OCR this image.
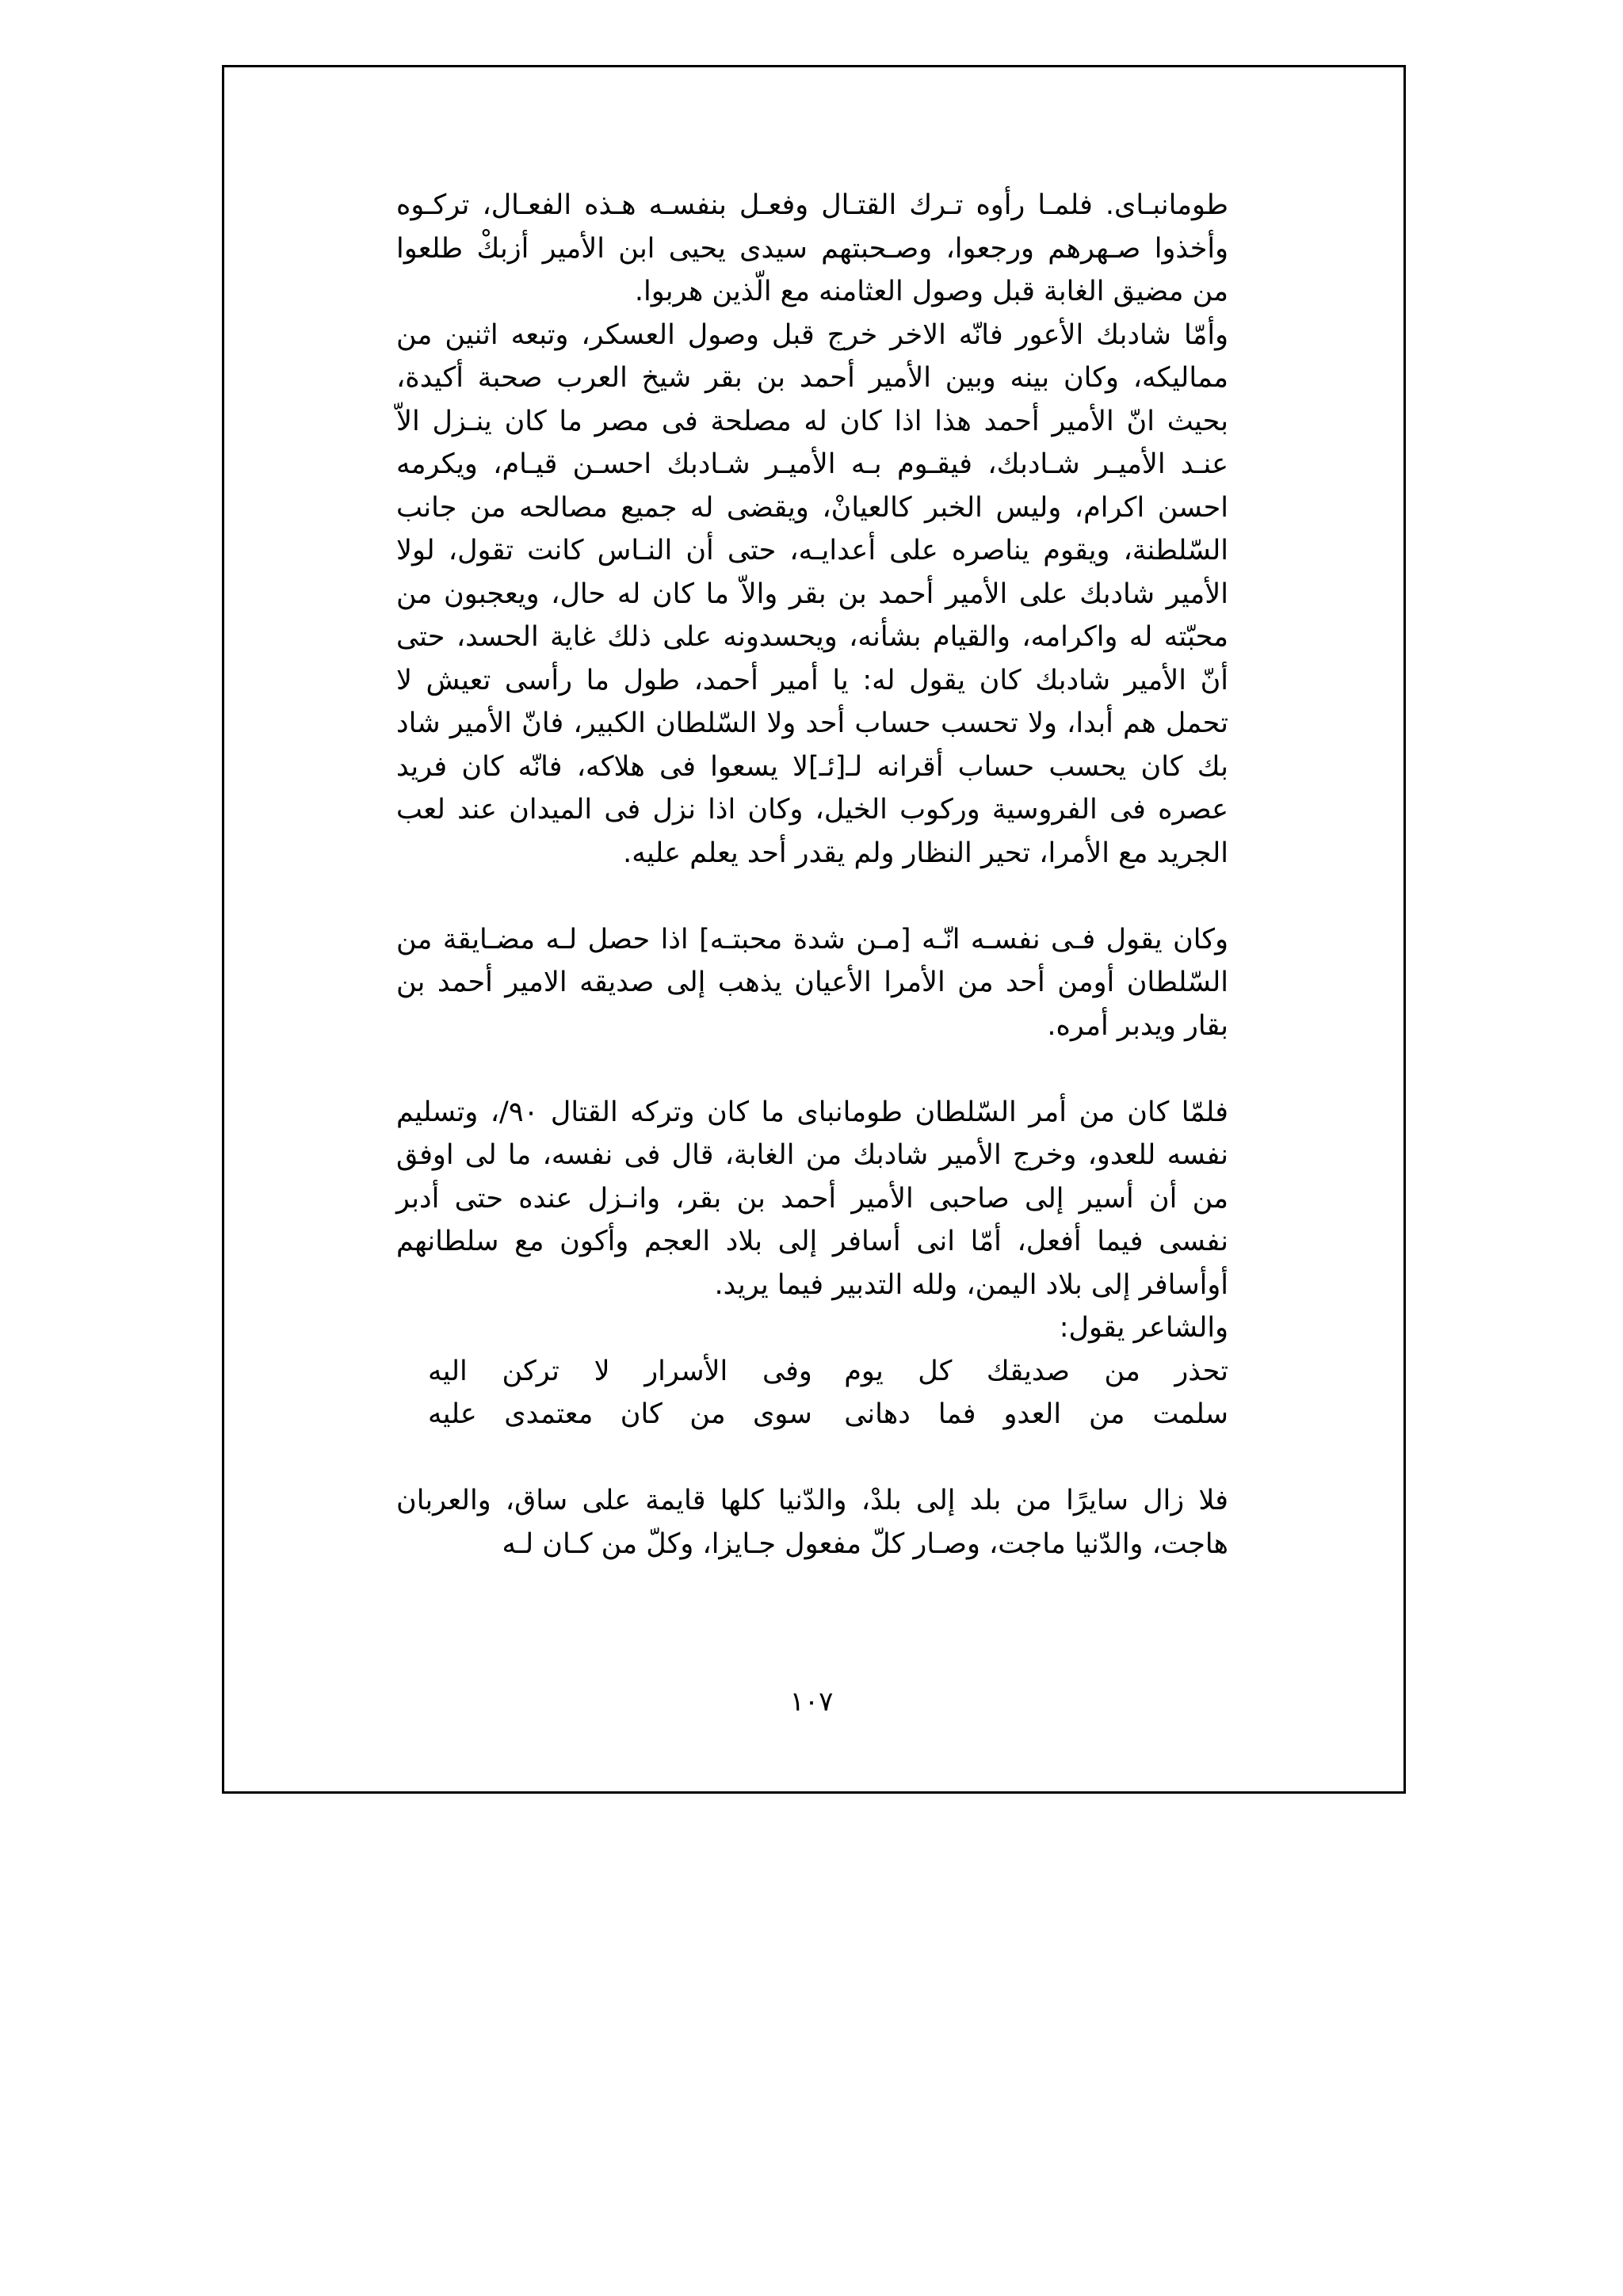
طومانبـاى. فلمـا رأوه تـرك القتـال وفعـل بنفسـه هـذه الفعـال، تركـوه وأخذوا صـهرهم ورجعوا، وصـحبتهم سيدى يحيى ابن الأمير أزبكْ طلعوا من مضيق الغابة قبل وصول العثامنه مع الّذين هربوا.

وأمّا شادبك الأعور فانّه الاخر خرج قبل وصول العسكر، وتبعه اثنين من مماليكه، وكان بينه وبين الأمير أحمد بن بقر شيخ العرب صحبة أكيدة، بحيث انّ الأمير أحمد هذا اذا كان له مصلحة فى مصر ما كان ينـزل الاّ عنـد الأميـر شـادبك، فيقـوم بـه الأميـر شـادبك احسـن قيـام، ويكرمه احسن اكرام، وليس الخبر كالعيانْ، ويقضى له جميع مصالحه من جانب السّلطنة، ويقوم يناصره على أعدايـه، حتى أن النـاس كانت تقول، لولا الأمير شادبك على الأمير أحمد بن بقر والاّ ما كان له حال، ويعجبون من محبّته له واكرامه، والقيام بشأنه، ويحسدونه على ذلك غاية الحسد، حتى أنّ الأمير شادبك كان يقول له: يا أمير أحمد، طول ما رأسى تعيش لا تحمل هم أبدا، ولا تحسب حساب أحد ولا السّلطان الكبير، فانّ الأمير شاد بك كان يحسب حساب أقرانه لـ[ئـ]لا يسعوا فى هلاكه، فانّه كان فريد عصره فى الفروسية وركوب الخيل، وكان اذا نزل فى الميدان عند لعب الجريد مع الأمرا، تحير النظار ولم يقدر أحد يعلم عليه.

وكان يقول فـى نفسـه انّـه [مـن شدة محبتـه] اذا حصل لـه مضـايقة من السّلطان أومن أحد من الأمرا الأعيان يذهب إلى صديقه الامير أحمد بن بقار ويدبر أمره.

فلمّا كان من أمر السّلطان طومانباى ما كان وتركه القتال ٩٠/، وتسليم نفسه للعدو، وخرج الأمير شادبك من الغابة، قال فى نفسه، ما لى اوفق من أن أسير إلى صاحبى الأمير أحمد بن بقر، وانـزل عنده حتى أدبر نفسى فيما أفعل، أمّا انى أسافر إلى بلاد العجم وأكون مع سلطانهم أوأسافر إلى بلاد اليمن، ولله التدبير فيما يريد.

والشاعر يقول:

تحذر من صديقك كل يوم
وفى الأسرار لا تركن اليه
سلمت من العدو فما دهانى
سوى من كان معتمدى عليه

فلا زال سايرًا من بلد إلى بلدْ، والدّنيا كلها قايمة على ساق، والعربان هاجت، والدّنيا ماجت، وصـار كلّ مفعول جـايزا، وكلّ من كـان لـه

١٠٧
